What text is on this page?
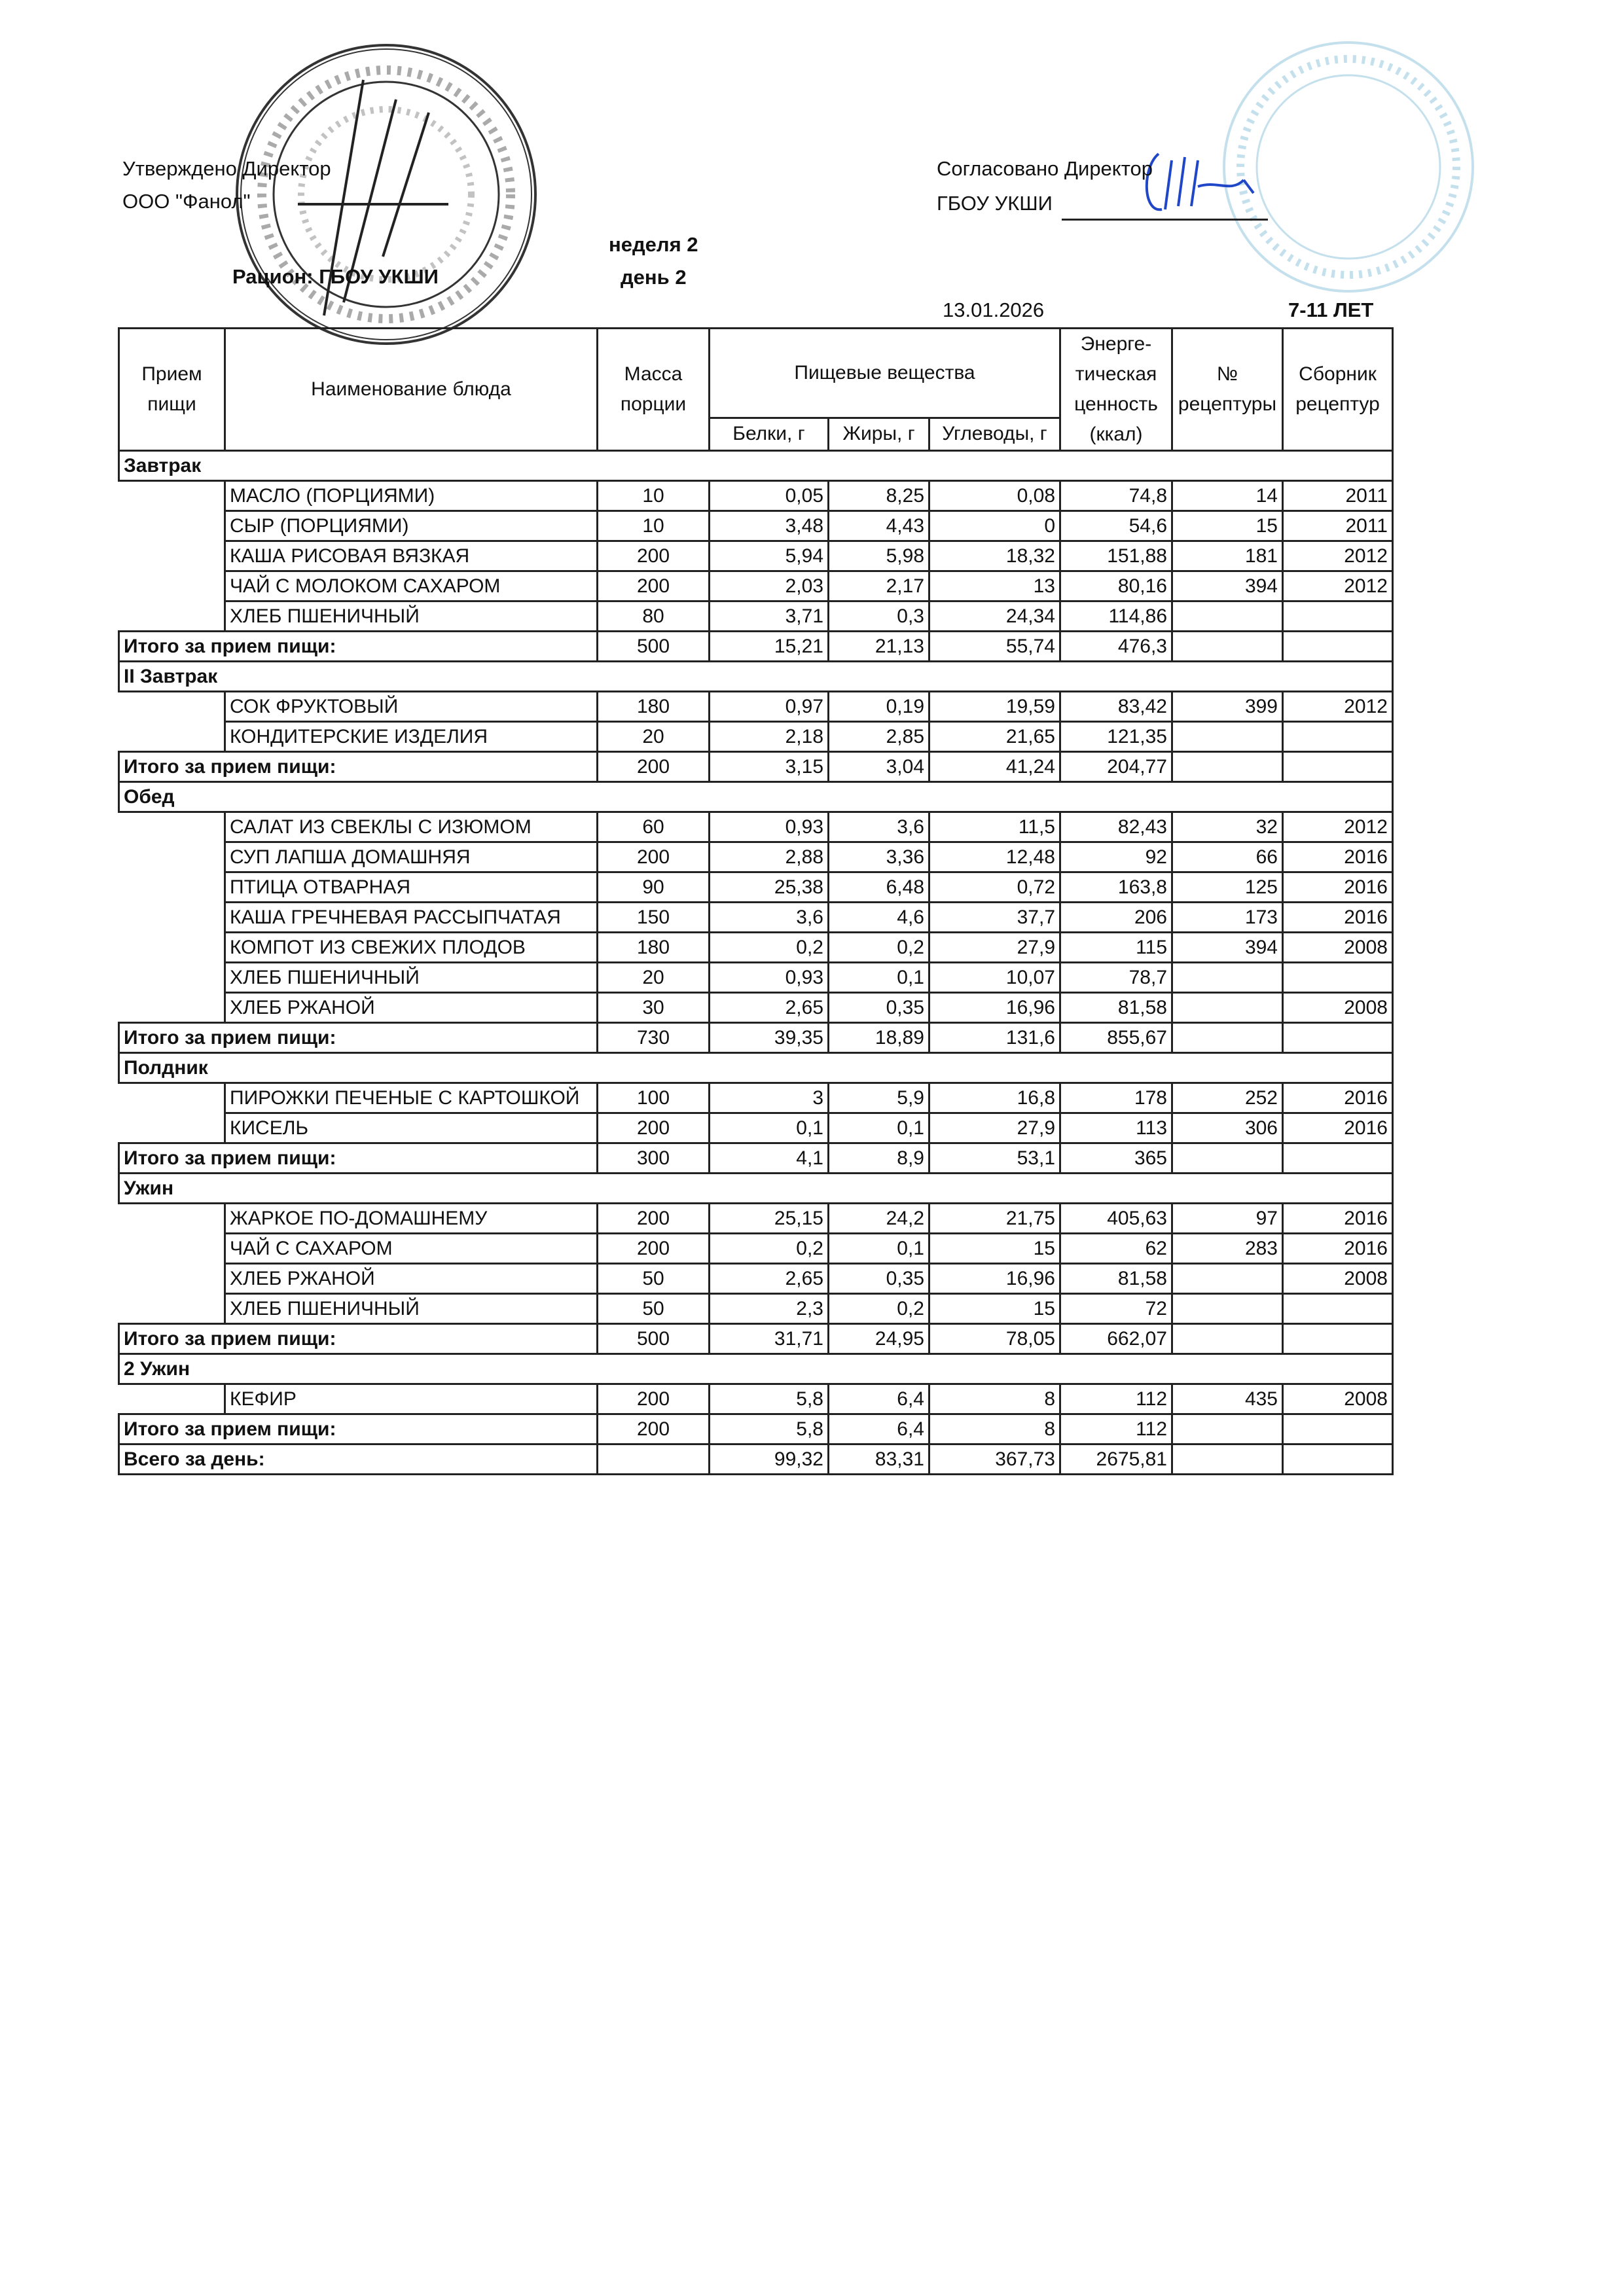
Утверждено Директор
ООО "Фанол"
Рацион: ГБОУ УКШИ
неделя 2
день 2
Согласовано Директор
ГБОУ УКШИ
13.01.2026	7-11 ЛЕТ
Прием пищи	Наименование блюда	Масса порции	Пищевые вещества			Энерге-тическая ценность (ккал)	№ рецептуры	Сборник рецептур
			Белки, г	Жиры, г	Углеводы, г			
Завтрак								
	МАСЛО (ПОРЦИЯМИ)	10	0,05	8,25	0,08	74,8	14	2011
	СЫР (ПОРЦИЯМИ)	10	3,48	4,43	0	54,6	15	2011
	КАША РИСОВАЯ ВЯЗКАЯ	200	5,94	5,98	18,32	151,88	181	2012
	ЧАЙ С МОЛОКОМ САХАРОМ	200	2,03	2,17	13	80,16	394	2012
	ХЛЕБ ПШЕНИЧНЫЙ	80	3,71	0,3	24,34	114,86		
Итого за прием пищи:		500	15,21	21,13	55,74	476,3		
II Завтрак								
	СОК ФРУКТОВЫЙ	180	0,97	0,19	19,59	83,42	399	2012
	КОНДИТЕРСКИЕ ИЗДЕЛИЯ	20	2,18	2,85	21,65	121,35		
Итого за прием пищи:		200	3,15	3,04	41,24	204,77		
Обед								
	САЛАТ ИЗ СВЕКЛЫ С ИЗЮМОМ	60	0,93	3,6	11,5	82,43	32	2012
	СУП ЛАПША ДОМАШНЯЯ	200	2,88	3,36	12,48	92	66	2016
	ПТИЦА ОТВАРНАЯ	90	25,38	6,48	0,72	163,8	125	2016
	КАША ГРЕЧНЕВАЯ РАССЫПЧАТАЯ	150	3,6	4,6	37,7	206	173	2016
	КОМПОТ ИЗ СВЕЖИХ ПЛОДОВ	180	0,2	0,2	27,9	115	394	2008
	ХЛЕБ ПШЕНИЧНЫЙ	20	0,93	0,1	10,07	78,7		
	ХЛЕБ РЖАНОЙ	30	2,65	0,35	16,96	81,58		2008
Итого за прием пищи:		730	39,35	18,89	131,6	855,67		
Полдник								
	ПИРОЖКИ ПЕЧЕНЫЕ С КАРТОШКОЙ	100	3	5,9	16,8	178	252	2016
	КИСЕЛЬ	200	0,1	0,1	27,9	113	306	2016
Итого за прием пищи:		300	4,1	8,9	53,1	365		
Ужин								
	ЖАРКОЕ ПО-ДОМАШНЕМУ	200	25,15	24,2	21,75	405,63	97	2016
	ЧАЙ С САХАРОМ	200	0,2	0,1	15	62	283	2016
	ХЛЕБ РЖАНОЙ	50	2,65	0,35	16,96	81,58		2008
	ХЛЕБ ПШЕНИЧНЫЙ	50	2,3	0,2	15	72		
Итого за прием пищи:		500	31,71	24,95	78,05	662,07		
2 Ужин								
	КЕФИР	200	5,8	6,4	8	112	435	2008
Итого за прием пищи:		200	5,8	6,4	8	112		
Всего за день:			99,32	83,31	367,73	2675,81		
